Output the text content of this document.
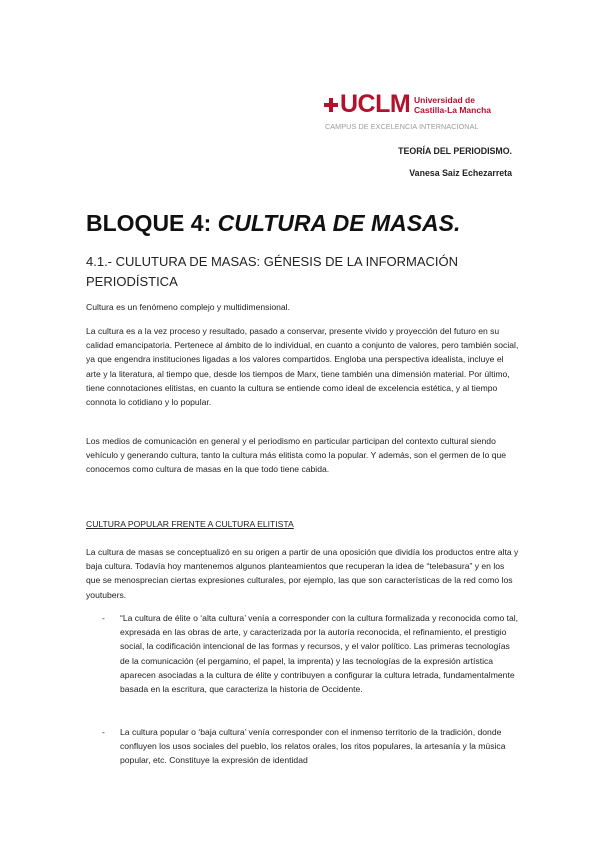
UCLM Universidad de
Castilla-La Mancha
CAMPUS DE EXCELENCIA INTERNACIONAL
TEORÍA DEL PERIODISMO.
Vanesa Saiz Echezarreta
BLOQUE 4: CULTURA DE MASAS.
4.1.- CULUTURA DE MASAS: GÉNESIS DE LA INFORMACIÓN PERIODÍSTICA

Cultura es un fenómeno complejo y multidimensional.

La cultura es a la vez proceso y resultado, pasado a conservar, presente vivido y proyección del futuro en su calidad emancipatoria. Pertenece al ámbito de lo individual, en cuanto a conjunto de valores, pero también social, ya que engendra instituciones ligadas a los valores compartidos. Engloba una perspectiva idealista, incluye el arte y la literatura, al tiempo que, desde los tiempos de Marx, tiene también una dimensión material. Por último, tiene connotaciones elitistas, en cuanto la cultura se entiende como ideal de excelencia estética, y al tiempo connota lo cotidiano y lo popular.

Los medios de comunicación en general y el periodismo en particular participan del contexto cultural siendo vehículo y generando cultura, tanto la cultura más elitista como la popular. Y además, son el germen de lo que conocemos como cultura de masas en la que todo tiene cabida.

CULTURA POPULAR FRENTE A CULTURA ELITISTA

La cultura de masas se conceptualizó en su origen a partir de una oposición que dividía los productos entre alta y baja cultura. Todavía hoy mantenemos algunos planteamientos que recuperan la idea de “telebasura” y en los que se menosprecian ciertas expresiones culturales, por ejemplo, las que son características de la red como los youtubers.

- “La cultura de élite o ‘alta cultura’ venía a corresponder con la cultura formalizada y reconocida como tal, expresada en las obras de arte, y caracterizada por la autoría reconocida, el refinamiento, el prestigio social, la codificación intencional de las formas y recursos, y el valor político. Las primeras tecnologías de la comunicación (el pergamino, el papel, la imprenta) y las tecnologías de la expresión artística aparecen asociadas a la cultura de élite y contribuyen a configurar la cultura letrada, fundamentalmente basada en la escritura, que caracteriza la historia de Occidente.

- La cultura popular o ‘baja cultura’ venía corresponder con el inmenso territorio de la tradición, donde confluyen los usos sociales del pueblo, los relatos orales, los ritos populares, la artesanía y la música popular, etc. Constituye la expresión de identidad
